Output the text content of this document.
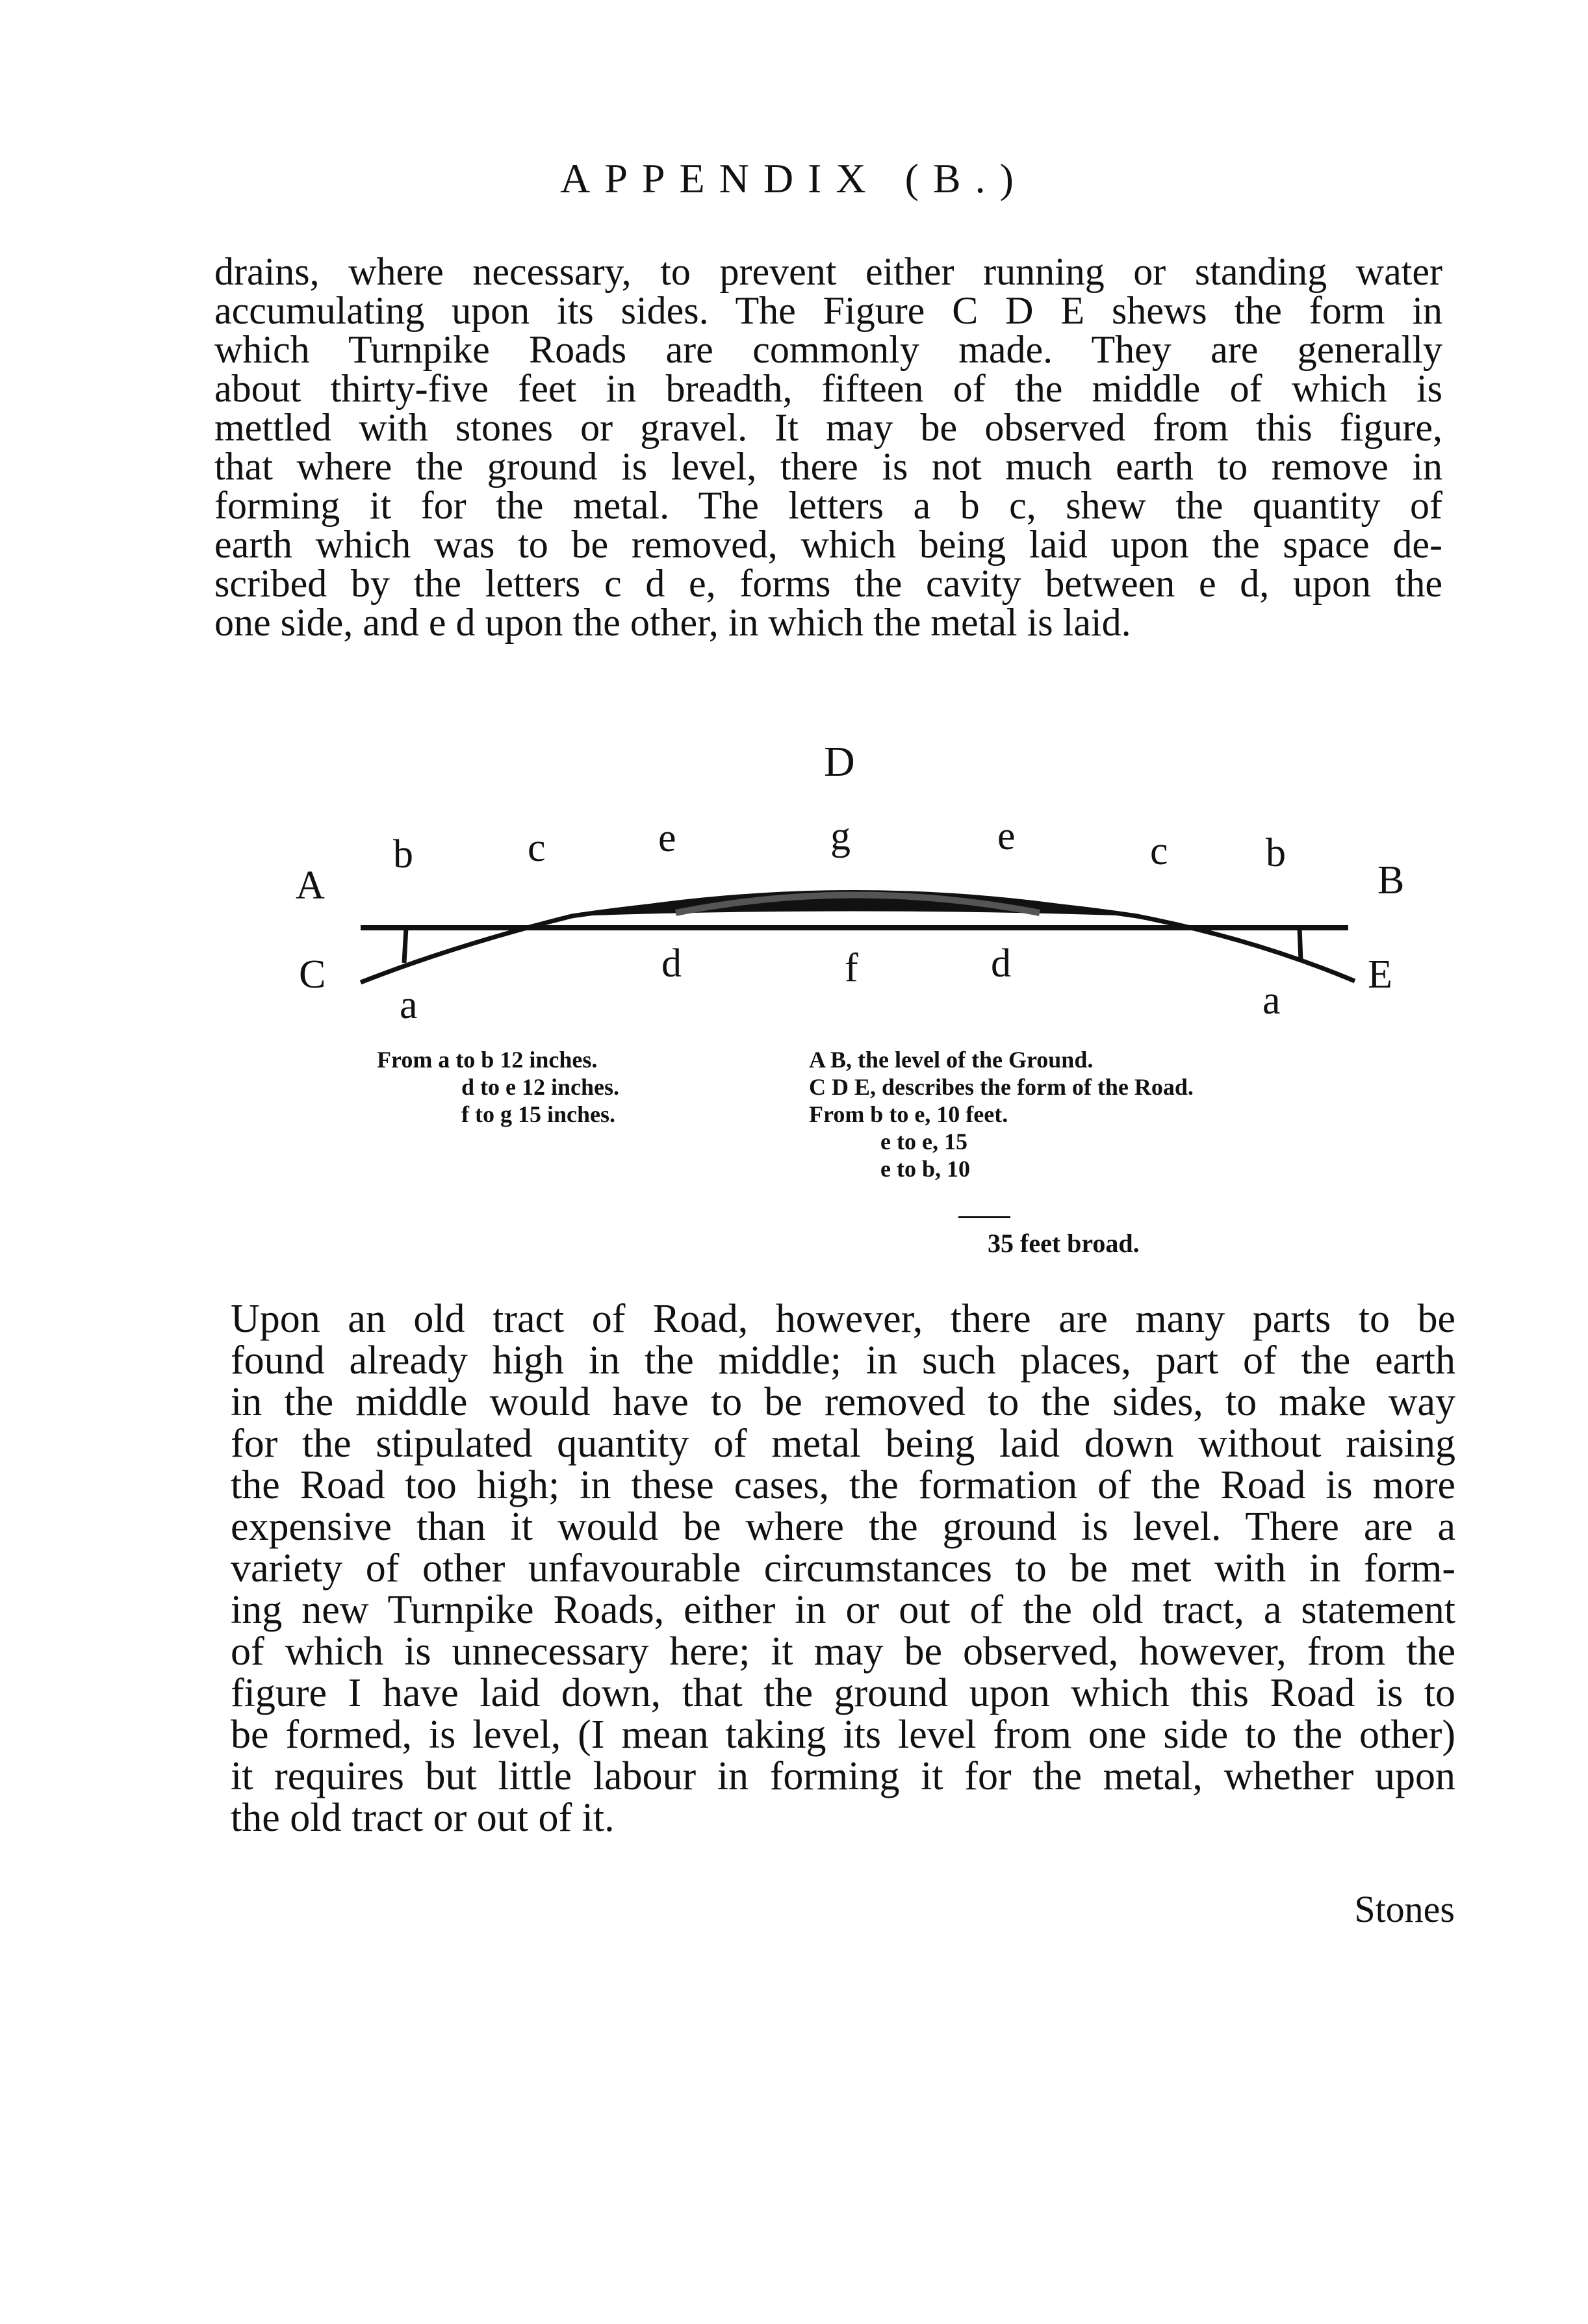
APPENDIX (B.)
drains, where necessary, to prevent either running or standing water
accumulating upon its sides. The Figure C D E shews the form in
which Turnpike Roads are commonly made. They are generally
about thirty-five feet in breadth, fifteen of the middle of which is
mettled with stones or gravel. It may be observed from this figure,
that where the ground is level, there is not much earth to remove in
forming it for the metal. The letters a b c, shew the quantity of
earth which was to be removed, which being laid upon the space de-
scribed by the letters c d e, forms the cavity between e d, upon the
one side, and e d upon the other, in which the metal is laid.
D
A	B
C	E
b	c	e	g	e	c b
a
d	f	d
a
From a to b 12 inches.
d to e 12 inches.
f to g 15 inches.
A B, the level of the Ground.
C D E, describes the form of the Road.
From b to e, 10 feet.
e to e, 15
e to b, 10
35 feet broad.
Upon an old tract of Road, however, there are many parts to be
found already high in the middle; in such places, part of the earth
in the middle would have to be removed to the sides, to make way
for the stipulated quantity of metal being laid down without raising
the Road too high; in these cases, the formation of the Road is more
expensive than it would be where the ground is level. There are a
variety of other unfavourable circumstances to be met with in form-
ing new Turnpike Roads, either in or out of the old tract, a statement
of which is unnecessary here; it may be observed, however, from the
figure I have laid down, that the ground upon which this Road is to
be formed, is level, (I mean taking its level from one side to the other)
it requires but little labour in forming it for the metal, whether upon
the old tract or out of it.
Stones
